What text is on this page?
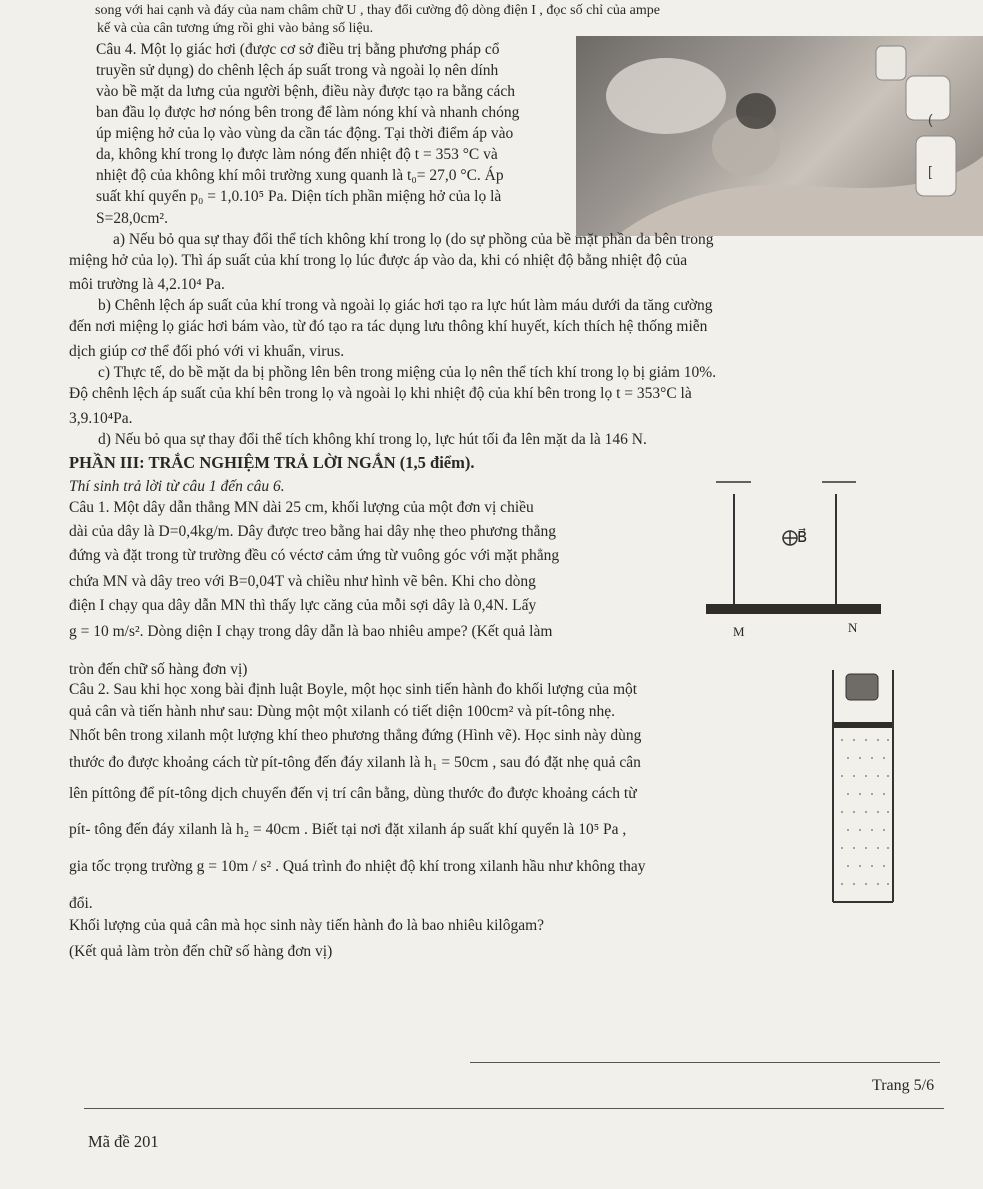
song với hai cạnh và đáy của nam châm chữ U , thay đổi cường độ dòng điện I , đọc số chỉ của ampe
kế và của cân tương ứng rồi ghi vào bảng số liệu.
Câu 4. Một lọ giác hơi (được cơ sở điều trị bằng phương pháp cổ
truyền sử dụng) do chênh lệch áp suất trong và ngoài lọ nên dính
vào bề mặt da lưng của người bệnh, điều này được tạo ra bằng cách
ban đầu lọ được hơ nóng bên trong để làm nóng khí và nhanh chóng
úp miệng hở của lọ vào vùng da cần tác động. Tại thời điểm áp vào
da, không khí trong lọ được làm nóng đến nhiệt độ t = 353 °C và
nhiệt độ của không khí môi trường xung quanh là t₀= 27,0 °C. Áp
suất khí quyển p₀ = 1,0.10⁵ Pa. Diện tích phần miệng hở của lọ là
S=28,0cm².
[
(
a) Nếu bỏ qua sự thay đổi thể tích không khí trong lọ (do sự phồng của bề mặt phần da bên trong
miệng hở của lọ). Thì áp suất của khí trong lọ lúc được áp vào da, khi có nhiệt độ bằng nhiệt độ của
môi trường là 4,2.10⁴ Pa.
b) Chênh lệch áp suất của khí trong và ngoài lọ giác hơi tạo ra lực hút làm máu dưới da tăng cường
đến nơi miệng lọ giác hơi bám vào, từ đó tạo ra tác dụng lưu thông khí huyết, kích thích hệ thống miễn
dịch giúp cơ thể đối phó với vi khuẩn, virus.
c) Thực tế, do bề mặt da bị phồng lên bên trong miệng của lọ nên thể tích khí trong lọ bị giảm 10%.
Độ chênh lệch áp suất của khí bên trong lọ và ngoài lọ khi nhiệt độ của khí bên trong lọ t = 353°C là
3,9.10⁴Pa.
d) Nếu bỏ qua sự thay đổi thể tích không khí trong lọ, lực hút tối đa lên mặt da là 146 N.
PHẦN III: TRẮC NGHIỆM TRẢ LỜI NGẮN (1,5 điểm).
Thí sinh trả lời từ câu 1 đến câu 6.
Câu 1. Một dây dẫn thẳng MN dài 25 cm, khối lượng của một đơn vị chiều
dài của dây là D=0,4kg/m. Dây được treo bằng hai dây nhẹ theo phương thẳng
đứng và đặt trong từ trường đều có véctơ cảm ứng từ vuông góc với mặt phẳng
chứa MN và dây treo với B=0,04T và chiều như hình vẽ bên. Khi cho dòng
điện I chạy qua dây dẫn MN thì thấy lực căng của mỗi sợi dây là 0,4N. Lấy
g = 10 m/s². Dòng diện I chạy trong dây dẫn là bao nhiêu ampe? (Kết quả làm
tròn đến chữ số hàng đơn vị)
B⃗
M	N
Câu 2. Sau khi học xong bài định luật Boyle, một học sinh tiến hành đo khối lượng của một
quả cân và tiến hành như sau: Dùng một một xilanh có tiết diện 100cm² và pít-tông nhẹ.
Nhốt bên trong xilanh một lượng khí theo phương thẳng đứng (Hình vẽ). Học sinh này dùng
thước đo được khoảng cách từ pít-tông đến đáy xilanh là h₁ = 50cm , sau đó đặt nhẹ quả cân
lên píttông để pít-tông dịch chuyển đến vị trí cân bằng, dùng thước đo được khoảng cách từ
pít- tông đến đáy xilanh là h₂ = 40cm . Biết tại nơi đặt xilanh áp suất khí quyển là 10⁵ Pa ,
gia tốc trọng trường g = 10m / s² . Quá trình đo nhiệt độ khí trong xilanh hầu như không thay
đổi.
Khối lượng của quả cân mà học sinh này tiến hành đo là bao nhiêu kilôgam?
(Kết quả làm tròn đến chữ số hàng đơn vị)
Trang 5/6
Mã đề 201
